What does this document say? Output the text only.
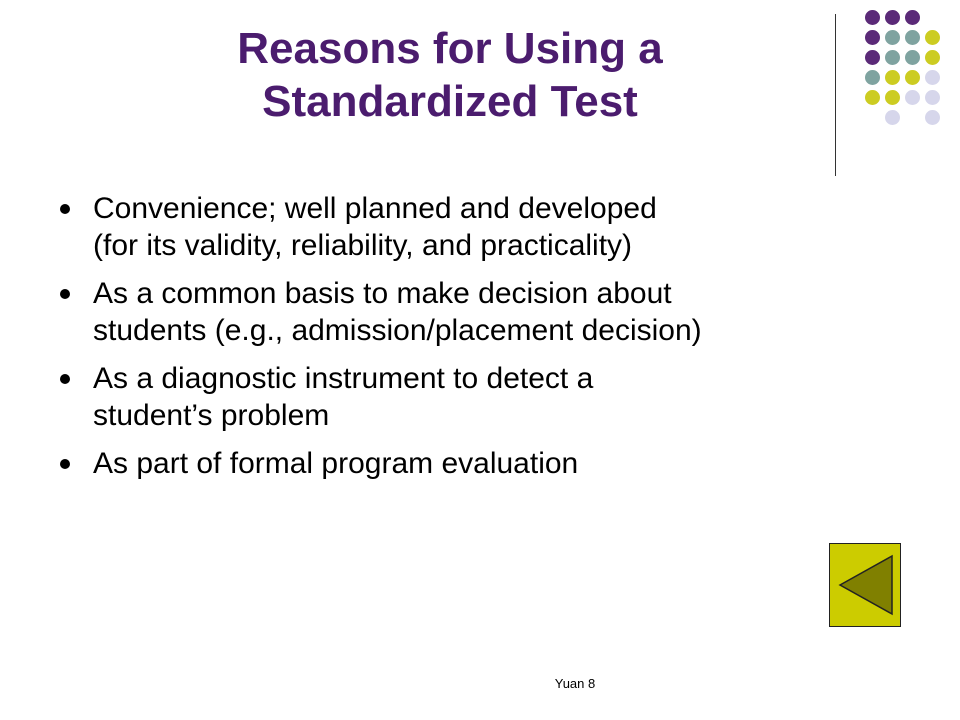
Reasons for Using a
Standardized Test
Convenience; well planned and developed
(for its validity, reliability, and practicality)
As a common basis to make decision about
students (e.g., admission/placement decision)
As a diagnostic instrument to detect a
student’s problem
As part of formal program evaluation
Yuan 8
